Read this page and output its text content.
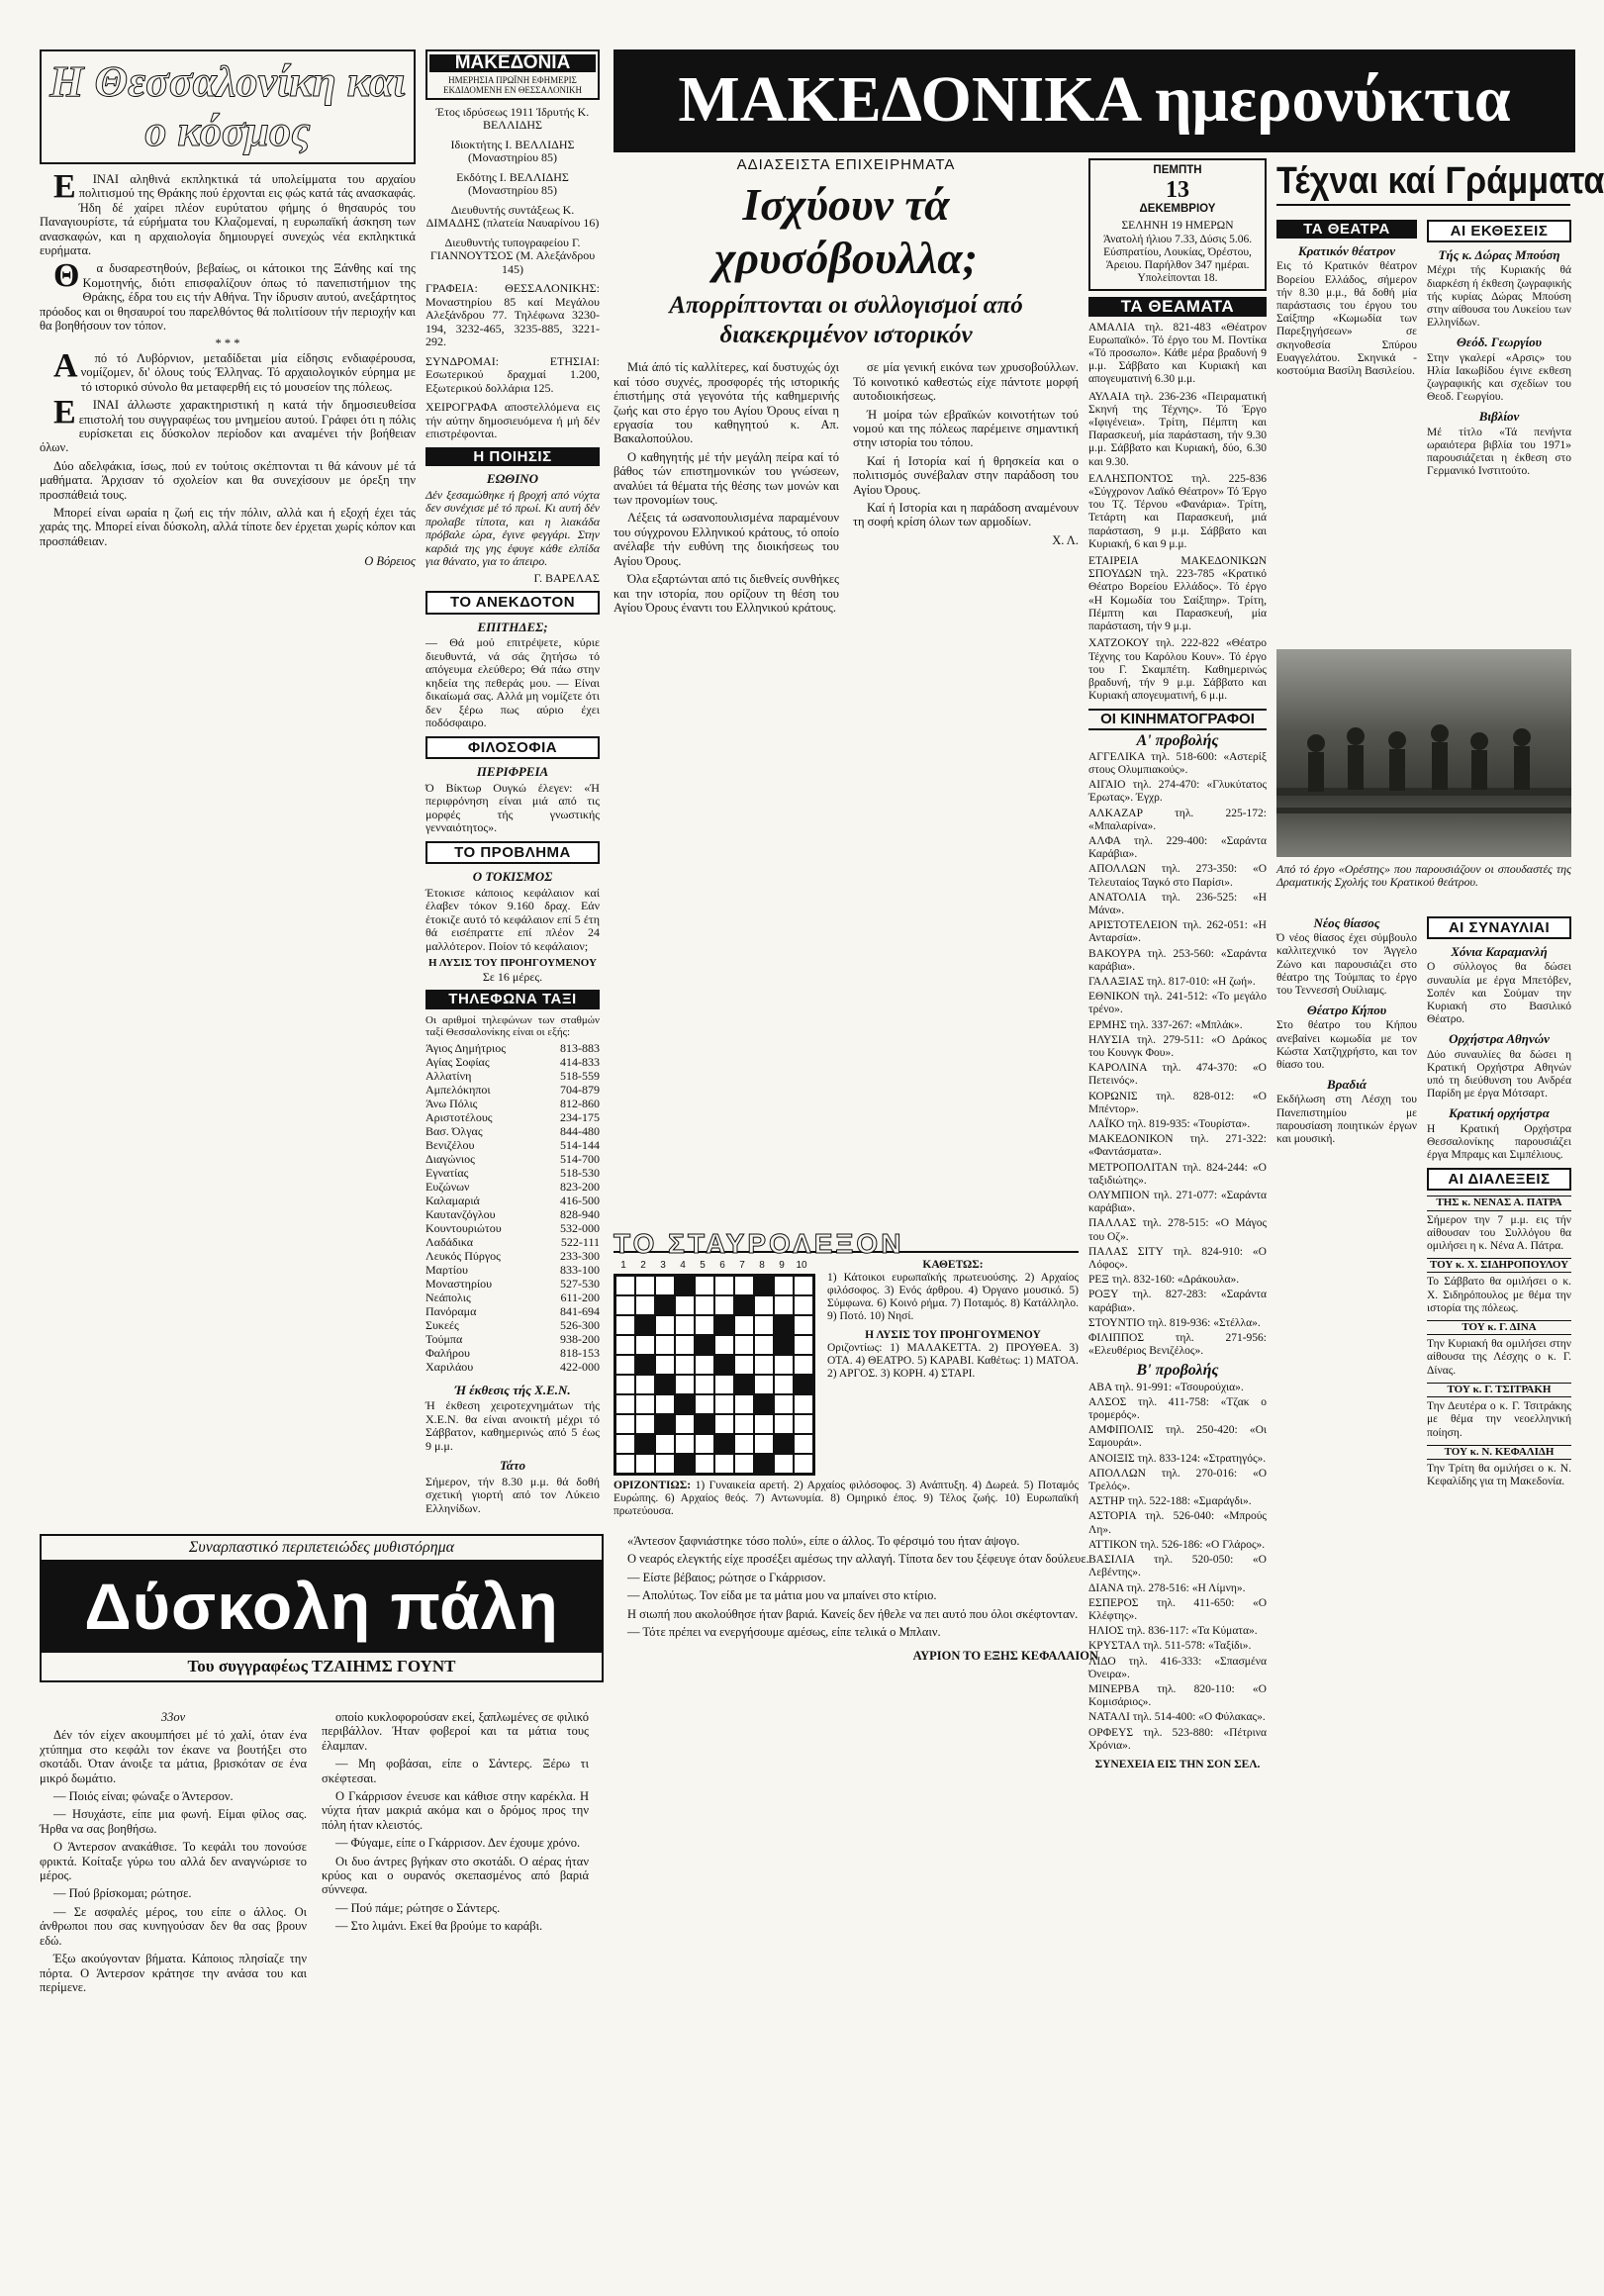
Η Θεσσαλονίκη και ο κόσμος

ΕΙΝΑΙ αληθινά εκπληκτικά τά υπολείμματα του αρχαίου πολιτισμού της Θράκης πού έρχονται εις φώς κατά τάς ανασκαφάς. Ήδη δέ χαίρει πλέον ευρύτατου φήμης ό θησαυρός του Παναγιουρίστε, τά εύρήματα του Κλαζομεναί, η ευρωπαϊκή άσκηση των ανασκαφών, και η αρχαιολογία δημιουργεί συνεχώς νέα εκπληκτικά ευρήματα.

Θα δυσαρεστηθούν, βεβαίως, οι κάτοικοι της Ξάνθης καί της Κομοτηνής, διότι επισφαλίζουν όπως τό πανεπιστήμιον της Θράκης, έδρα του εις τήν Αθήνα. Την ίδρυσιν αυτού, ανεξάρτητος πρόοδος και οι θησαυροί του παρελθόντος θά πολιτίσουν τήν περιοχήν και θα βοηθήσουν τον τόπον.

* * *

Από τό Λυβόρνιον, μεταδίδεται μία είδησις ενδιαφέρουσα, νομίζομεν, δι' όλους τούς Έλληνας. Τό αρχαιολογικόν εύρημα με τό ιστορικό σύνολο θα μεταφερθή εις τό μουσείον της πόλεως.

ΕΙΝΑΙ άλλωστε χαρακτηριστική η κατά τήν δημοσιευθείσα επιστολή του συγγραφέως του μνημείου αυτού. Γράφει ότι η πόλις ευρίσκεται εις δύσκολον περίοδον και αναμένει τήν βοήθειαν όλων.

Δύο αδελφάκια, ίσως, πού εν τούτοις σκέπτονται τι θά κάνουν μέ τά μαθήματα. Άρχισαν τό σχολείον και θα συνεχίσουν με όρεξη την προσπάθειά τους.

Μπορεί είναι ωραία η ζωή εις τήν πόλιν, αλλά και ή εξοχή έχει τάς χαράς της. Μπορεί είναι δύσκολη, αλλά τίποτε δεν έρχεται χωρίς κόπον και προσπάθειαν.

Ο Βόρειος
ΜΑΚΕΔΟΝΙΑ
ΗΜΕΡΗΣΙΑ ΠΡΩΪΝΗ ΕΦΗΜΕΡΙΣ ΕΚΔΙΔΟΜΕΝΗ ΕΝ ΘΕΣΣΑΛΟΝΙΚΗ
Έτος ιδρύσεως 1911 Ίδρυτής Κ. ΒΕΛΛΙΔΗΣ
Ιδιοκτήτης Ι. ΒΕΛΛΙΔΗΣ (Μοναστηρίου 85)
Εκδότης Ι. ΒΕΛΛΙΔΗΣ (Μοναστηρίου 85)
Διευθυντής συντάξεως Κ. ΔΙΜΑΔΗΣ (πλατεία Ναυαρίνου 16)
Διευθυντής τυπογραφείου Γ. ΓΙΑΝΝΟΥΤΣΟΣ (Μ. Αλεξάνδρου 145)
ΓΡΑΦΕΙΑ: ΘΕΣΣΑΛΟΝΙΚΗΣ: Μοναστηρίου 85 καί Μεγάλου Αλεξάνδρου 77. Τηλέφωνα 3230-194, 3232-465, 3235-885, 3221-292.
ΣΥΝΔΡΟΜΑΙ: ΕΤΗΣΙΑΙ: Εσωτερικού δραχμαί 1.200, Εξωτερικού δολλάρια 125.
ΧΕΙΡΟΓΡΑΦΑ αποστελλόμενα εις τήν αύτην δημοσιευόμενα ή μή δέν επιστρέφονται.
Η ΠΟΙΗΣΙΣ
ΕΩΘΙΝΟ
Δέν ξεσαμώθηκε ή βροχή από νύχτα δεν συνέχισε μέ τό πρωί. Κι αυτή δέν προλαβε τίποτα, και η λιακάδα πρόβαλε ώρα, έγινε φεγγάρι. Στην καρδιά της γης έφυγε κάθε ελπίδα για θάνατο, για το άπειρο.
Γ. ΒΑΡΕΛΑΣ
ΤΟ ΑΝΕΚΔΟΤΟΝ
ΕΠΙΤΗΔΕΣ;
— Θά μού επιτρέψετε, κύριε διευθυντά, νά σάς ζητήσω τό απόγευμα ελεύθερο; Θά πάω στην κηδεία της πεθεράς μου. — Είναι δικαίωμά σας. Αλλά μη νομίζετε ότι δεν ξέρω πως αύριο έχει ποδόσφαιρο.
ΦΙΛΟΣΟΦΙΑ
ΠΕΡΙΦΡΕΙΑ
Ό Βίκτωρ Ουγκώ έλεγεν: «Ή περιφρόνηση είναι μιά από τις μορφές τής γνωστικής γενναιότητος».
ΤΟ ΠΡΟΒΛΗΜΑ
Ο ΤΟΚΙΣΜΟΣ
Έτοκισε κάποιος κεφάλαιον καί έλαβεν τόκον 9.160 δραχ. Εάν έτοκιζε αυτό τό κεφάλαιον επί 5 έτη θά εισέπραττε επί πλέον 24 μαλλότερον. Ποίον τό κεφάλαιον;
Η ΛΥΣΙΣ ΤΟΥ ΠΡΟΗΓΟΥΜΕΝΟΥ
Σε 16 μέρες.
ΤΗΛΕΦΩΝΑ ΤΑΞΙ
Οι αριθμοί τηλεφώνων των σταθμών ταξί Θεσσαλονίκης είναι οι εξής:
Άγιος Δημήτριος	813-883
Αγίας Σοφίας	414-833
Αλλατίνη	518-559
Αμπελόκηποι	704-879
Άνω Πόλις	812-860
Αριστοτέλους	234-175
Βασ. Όλγας	844-480
Βενιζέλου	514-144
Διαγώνιος	514-700
Εγνατίας	518-530
Ευζώνων	823-200
Καλαμαριά	416-500
Καυτανζόγλου	828-940
Κουντουριώτου	532-000
Λαδάδικα	522-111
Λευκός Πύργος	233-300
Μαρτίου	833-100
Μοναστηρίου	527-530
Νεάπολις	611-200
Πανόραμα	841-694
Συκεές	526-300
Τούμπα	938-200
Φαλήρου	818-153
Χαριλάου	422-000
Ή έκθεσις τής Χ.Ε.Ν.
Ή έκθεση χειροτεχνημάτων τής Χ.Ε.Ν. θα είναι ανοικτή μέχρι τό Σάββατον, καθημερινώς από 5 έως 9 μ.μ.
Τάτο
Σήμερον, τήν 8.30 μ.μ. θά δοθή σχετική γιορτή από τον Λύκειο Ελληνίδων.
Συναρπαστικό περιπετειώδες μυθιστόρημα
Δύσκολη πάλη
Του συγγραφέως ΤΖΑΙΗΜΣ ΓΟΥΝΤ
33ον

Δέν τόν είχεν ακουμπήσει μέ τό χαλί, όταν ένα χτύπημα στο κεφάλι τον έκανε να βουτήξει στο σκοτάδι. Όταν άνοιξε τα μάτια, βρισκόταν σε ένα μικρό δωμάτιο.

— Ποιός είναι; φώναξε ο Άντερσον.

— Ησυχάστε, είπε μια φωνή. Είμαι φίλος σας. Ήρθα να σας βοηθήσω.

Ο Άντερσον ανακάθισε. Το κεφάλι του πονούσε φρικτά. Κοίταξε γύρω του αλλά δεν αναγνώρισε το μέρος.

— Πού βρίσκομαι; ρώτησε.

— Σε ασφαλές μέρος, του είπε ο άλλος. Οι άνθρωποι που σας κυνηγούσαν δεν θα σας βρουν εδώ.

Έξω ακούγονταν βήματα. Κάποιος πλησίαζε την πόρτα. Ο Άντερσον κράτησε την ανάσα του και περίμενε.

οποίο κυκλοφορούσαν εκεί, ξαπλωμένες σε φιλικό περιβάλλον. Ήταν φοβεροί και τα μάτια τους έλαμπαν.

— Μη φοβάσαι, είπε ο Σάντερς. Ξέρω τι σκέφτεσαι.

Ο Γκάρρισον ένευσε και κάθισε στην καρέκλα. Η νύχτα ήταν μακριά ακόμα και ο δρόμος προς την πόλη ήταν κλειστός.

— Φύγαμε, είπε ο Γκάρρισον. Δεν έχουμε χρόνο.

Οι δυο άντρες βγήκαν στο σκοτάδι. Ο αέρας ήταν κρύος και ο ουρανός σκεπασμένος από βαριά σύννεφα.

— Πού πάμε; ρώτησε ο Σάντερς.

— Στο λιμάνι. Εκεί θα βρούμε το καράβι.

«Άντεσον ξαφνιάστηκε τόσο πολύ», είπε ο άλλος. Το φέρσιμό του ήταν άψογο.

Ο νεαρός ελεγκτής είχε προσέξει αμέσως την αλλαγή. Τίποτα δεν του ξέφευγε όταν δούλευε.

— Είστε βέβαιος; ρώτησε ο Γκάρρισον.

— Απολύτως. Τον είδα με τα μάτια μου να μπαίνει στο κτίριο.

Η σιωπή που ακολούθησε ήταν βαριά. Κανείς δεν ήθελε να πει αυτό που όλοι σκέφτονταν.

— Τότε πρέπει να ενεργήσουμε αμέσως, είπε τελικά ο Μπλαιν.

ΑΥΡΙΟΝ ΤΟ ΕΞΗΣ ΚΕΦΑΛΑΙΟΝ
ΜΑΚΕΔΟΝΙΚΑ ημερονύκτια
ΑΔΙΑΣΕΙΣΤΑ ΕΠΙΧΕΙΡΗΜΑΤΑ
Ισχύουν τά χρυσόβουλλα;
Απορρίπτονται οι συλλογισμοί από διακεκριμένον ιστορικόν

Μιά άπό τίς καλλίτερες, καί δυστυχώς όχι καί τόσο συχνές, προσφορές τής ιστορικής έπιστήμης στά γεγονότα τής καθημερινής ζωής και στο έργο του Αγίου Όρους είναι η εργασία του καθηγητού κ. Απ. Βακαλοπούλου.

Ο καθηγητής μέ τήν μεγάλη πείρα καί τό βάθος τών επιστημονικών του γνώσεων, αναλύει τά θέματα τής θέσης των μονών και των προνομίων τους.

Λέξεις τά ωσανοπουλισμένα παραμένουν του σύγχρονου Ελληνικού κράτους, τό οποίο ανέλαβε τήν ευθύνη της διοικήσεως του Αγίου Όρους.

Όλα εξαρτώνται από τις διεθνείς συνθήκες και την ιστορία, που ορίζουν τη θέση του Αγίου Όρους έναντι του Ελληνικού κράτους.

σε μία γενική εικόνα των χρυσοβούλλων. Τό κοινοτικό καθεστώς είχε πάντοτε μορφή αυτοδιοικήσεως.

Ή μοίρα τών εβραϊκών κοινοτήτων τού νομού και της πόλεως παρέμεινε σημαντική στην ιστορία του τόπου.

Καί ή Ιστορία καί ή θρησκεία και ο πολιτισμός συνέβαλαν στην παράδοση του Αγίου Όρους.

Καί ή Ιστορία και η παράδοση αναμένουν τη σοφή κρίση όλων των αρμοδίων.

Χ. Λ.
ΤΟ ΣΤΑΥΡΟΛΕΞΟΝ
1	2	3	4	5	6	7	8	9	10	ΚΑΘΕΤΩΣ:
1) Κάτοικοι ευρωπαϊκής πρωτευούσης. 2) Αρχαίος φιλόσοφος. 3) Ενός άρθρου. 4) Όργανο μουσικό. 5) Σύμφωνα. 6) Κοινό ρήμα. 7) Ποταμός. 8) Κατάλληλο. 9) Ποτό. 10) Νησί.
Η ΛΥΣΙΣ ΤΟΥ ΠΡΟΗΓΟΥΜΕΝΟΥ
Οριζοντίως: 1) ΜΑΛΑΚΕΤΤΑ. 2) ΠΡΟΥΘΕΑ. 3) ΟΤΑ. 4) ΘΕΑΤΡΟ. 5) ΚΑΡΑΒΙ. Καθέτως: 1) ΜΑΤΟΑ. 2) ΑΡΓΟΣ. 3) ΚΟΡΗ. 4) ΣΤΑΡΙ.
ΟΡΙΖΟΝΤΙΩΣ: 1) Γυναικεία αρετή. 2) Αρχαίος φιλόσοφος. 3) Ανάπτυξη. 4) Δωρεά. 5) Ποταμός Ευρώπης. 6) Αρχαίος θεός. 7) Αντωνυμία. 8) Ομηρικό έπος. 9) Τέλος ζωής. 10) Ευρωπαϊκή πρωτεύουσα.
ΠΕΜΠΤΗ
13
ΔΕΚΕΜΒΡΙΟΥ
ΣΕΛΗΝΗ 19 ΗΜΕΡΩΝ
Άνατολή ήλιου 7.33, Δύσις 5.06. Εύσπρατίου, Λουκίας, Όρέστου, Άρειου. Παρήλθον 347 ημέραι. Υπολείπονται 18.
ΤΑ ΘΕΑΜΑΤΑ
ΑΜΑΛΙΑ τηλ. 821-483 «Θέατρον Ευρωπαϊκό». Τό έργο του Μ. Ποντίκα «Τό προσωπο». Κάθε μέρα βραδυνή 9 μ.μ. Σάββατο και Κυριακή και απογευματινή 6.30 μ.μ.
ΑΥΛΑΙΑ τηλ. 236-236 «Πειραματική Σκηνή της Τέχνης». Τό Έργο «Ιφιγένεια». Τρίτη, Πέμπτη και Παρασκευή, μία παράσταση, τήν 9.30 μ.μ. Σάββατο και Κυριακή, δύο, 6.30 και 9.30.
ΕΛΛΗΣΠΟΝΤΟΣ τηλ. 225-836 «Σύγχρονον Λαϊκό Θέατρον» Τό Έργο του Τζ. Τέρνου «Φανάρια». Τρίτη, Τετάρτη και Παρασκευή, μιά παράσταση, 9 μ.μ. Σάββατο και Κυριακή, 6 και 9 μ.μ.
ΕΤΑΙΡΕΙΑ ΜΑΚΕΔΟΝΙΚΩΝ ΣΠΟΥΔΩΝ τηλ. 223-785 «Κρατικό Θέατρο Βορείου Ελλάδος». Τό έργο «Η Κομωδία του Σαίξπηρ». Τρίτη, Πέμπτη και Παρασκευή, μία παράσταση, τήν 9 μ.μ.
ΧΑΤΖΟΚΟΥ τηλ. 222-822 «Θέατρο Τέχνης του Καρόλου Κουν». Τό έργο του Γ. Σκαμπέτη. Καθημερινώς βραδυνή, τήν 9 μ.μ. Σάββατο και Κυριακή απογευματινή, 6 μ.μ.
ΟΙ ΚΙΝΗΜΑΤΟΓΡΑΦΟΙ
Α' προβολής
ΑΓΓΕΛΙΚΑ τηλ. 518-600: «Αστερίξ στους Ολυμπιακούς».
ΑΙΓΑΙΟ τηλ. 274-470: «Γλυκύτατος Έρωτας». Έγχρ.
ΑΛΚΑΖΑΡ τηλ. 225-172: «Μπαλαρίνα».
ΑΛΦΑ τηλ. 229-400: «Σαράντα Καράβια».
ΑΠΟΛΛΩΝ τηλ. 273-350: «Ο Τελευταίος Ταγκό στο Παρίσι».
ΑΝΑΤΟΛΙΑ τηλ. 236-525: «Η Μάνα».
ΑΡΙΣΤΟΤΕΛΕΙΟΝ τηλ. 262-051: «Η Ανταρσία».
ΒΑΚΟΥΡΑ τηλ. 253-560: «Σαράντα καράβια».
ΓΑΛΑΞΙΑΣ τηλ. 817-010: «Η ζωή».
ΕΘΝΙΚΟΝ τηλ. 241-512: «Το μεγάλο τρένο».
ΕΡΜΗΣ τηλ. 337-267: «Μπλάκ».
ΗΛΥΣΙΑ τηλ. 279-511: «Ο Δράκος του Κουνγκ Φου».
ΚΑΡΟΛΙΝΑ τηλ. 474-370: «Ο Πετεινός».
ΚΟΡΩΝΙΣ τηλ. 828-012: «Ο Μπέντορ».
ΛΑΪΚΟ τηλ. 819-935: «Τουρίστα».
ΜΑΚΕΔΟΝΙΚΟΝ τηλ. 271-322: «Φαντάσματα».
ΜΕΤΡΟΠΟΛΙΤΑΝ τηλ. 824-244: «Ο ταξιδιώτης».
ΟΛΥΜΠΙΟΝ τηλ. 271-077: «Σαράντα καράβια».
ΠΑΛΛΑΣ τηλ. 278-515: «Ο Μάγος του Οζ».
ΠΑΛΑΣ ΣΙΤΥ τηλ. 824-910: «Ο Λόφος».
ΡΕΞ τηλ. 832-160: «Δράκουλα».
ΡΟΞΥ τηλ. 827-283: «Σαράντα καράβια».
ΣΤΟΥΝΤΙΟ τηλ. 819-936: «Στέλλα».
ΦΙΛΙΠΠΟΣ τηλ. 271-956: «Ελευθέριος Βενιζέλος».
Β' προβολής
ΑΒΑ τηλ. 91-991: «Τσουρούχια».
ΑΛΣΟΣ τηλ. 411-758: «Τζακ ο τρομερός».
ΑΜΦΙΠΟΛΙΣ τηλ. 250-420: «Οι Σαμουράι».
ΑΝΟΙΞΙΣ τηλ. 833-124: «Στρατηγός».
ΑΠΟΛΛΩΝ τηλ. 270-016: «Ο Τρελός».
ΑΣΤΗΡ τηλ. 522-188: «Σμαράγδι».
ΑΣΤΟΡΙΑ τηλ. 526-040: «Μπρούς Λη».
ΑΤΤΙΚΟΝ τηλ. 526-186: «Ο Γλάρος».
ΒΑΣΙΛΙΑ τηλ. 520-050: «Ο Λεβέντης».
ΔΙΑΝΑ τηλ. 278-516: «Η Λίμνη».
ΕΣΠΕΡΟΣ τηλ. 411-650: «Ο Κλέφτης».
ΗΛΙΟΣ τηλ. 836-117: «Τα Κύματα».
ΚΡΥΣΤΑΛ τηλ. 511-578: «Ταξίδι».
ΛΙΔΟ τηλ. 416-333: «Σπασμένα Όνειρα».
ΜΙΝΕΡΒΑ τηλ. 820-110: «Ο Κομισάριος».
ΝΑΤΑΛΙ τηλ. 514-400: «Ο Φύλακας».
ΟΡΦΕΥΣ τηλ. 523-880: «Πέτρινα Χρόνια».
ΣΥΝΕΧΕΙΑ ΕΙΣ ΤΗΝ ΣΟΝ ΣΕΛ.
Τέχναι καί Γράμματα
ΤΑ ΘΕΑΤΡΑ
Κρατικόν θέατρον
Εις τό Κρατικόν θέατρον Βορείου Ελλάδος, σήμερον τήν 8.30 μ.μ., θά δοθή μία παράστασις του έργου του Σαίξπηρ «Κωμωδία των Παρεξηγήσεων» σε σκηνοθεσία Σπύρου Ευαγγελάτου. Σκηνικά - κοστούμια Βασίλη Βασιλείου.
ΑΙ ΕΚΘΕΣΕΙΣ
Τής κ. Δώρας Μπούση
Μέχρι τής Κυριακής θά διαρκέση ή έκθεση ζωγραφικής τής κυρίας Δώρας Μπούση στην αίθουσα του Λυκείου των Ελληνίδων.
Θεόδ. Γεωργίου
Στην γκαλερί «Αρσις» του Ηλία Ιακωβίδου έγινε εκθεση ζωγραφικής και σχεδίων του Θεοδ. Γεωργίου.
Βιβλίον
Μέ τίτλο «Τά πενήντα ωραιότερα βιβλία του 1971» παρουσιάζεται η έκθεση στο Γερμανικό Ινστιτούτο.
Από τό έργο «Ορέστης» που παρουσιάζουν οι σπουδαστές της Δραματικής Σχολής του Κρατικού θεάτρου.
Νέος θίασος
Ό νέος θίασος έχει σύμβουλο καλλιτεχνικό τον Άγγελο Ζώνο και παρουσιάζει στο θέατρο της Τούμπας το έργο του Τεννεσσή Ουίλιαμς.
Θέατρο Κήπου
Στο θέατρο του Κήπου ανεβαίνει κωμωδία με τον Κώστα Χατζηχρήστο, και τον θίασο του.
Βραδιά
Εκδήλωση στη Λέσχη του Πανεπιστημίου με παρουσίαση ποιητικών έργων και μουσική.
ΑΙ ΣΥΝΑΥΛΙΑΙ
Χόνια Καραμανλή
Ο σύλλογος θα δώσει συναυλία με έργα Μπετόβεν, Σοπέν και Σούμαν την Κυριακή στο Βασιλικό Θέατρο.
Ορχήστρα Αθηνών
Δύο συναυλίες θα δώσει η Κρατική Ορχήστρα Αθηνών υπό τη διεύθυνση του Ανδρέα Παρίδη με έργα Μότσαρτ.
Κρατική ορχήστρα
Η Κρατική Ορχήστρα Θεσσαλονίκης παρουσιάζει έργα Μπραμς και Σιμπέλιους.
ΑΙ ΔΙΑΛΕΞΕΙΣ
ΤΗΣ κ. ΝΕΝΑΣ Α. ΠΑΤΡΑ
Σήμερον την 7 μ.μ. εις τήν αίθουσαν του Συλλόγου θα ομιλήσει η κ. Νένα Α. Πάτρα.
ΤΟΥ κ. Χ. ΣΙΔΗΡΟΠΟΥΛΟΥ
Το Σάββατο θα ομιλήσει ο κ. Χ. Σιδηρόπουλος με θέμα την ιστορία της πόλεως.
ΤΟΥ κ. Γ. ΔΙΝΑ
Την Κυριακή θα ομιλήσει στην αίθουσα της Λέσχης ο κ. Γ. Δίνας.
ΤΟΥ κ. Γ. ΤΣΙΤΡΑΚΗ
Την Δευτέρα ο κ. Γ. Τσιτράκης με θέμα την νεοελληνική ποίηση.
ΤΟΥ κ. Ν. ΚΕΦΑΛΙΔΗ
Την Τρίτη θα ομιλήσει ο κ. Ν. Κεφαλίδης για τη Μακεδονία.
